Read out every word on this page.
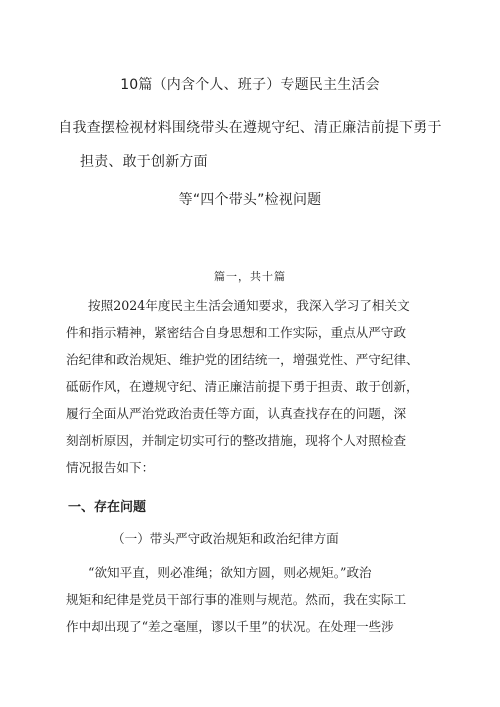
10篇（内含个人、班子）专题民主生活会
自我查摆检视材料围绕带头在遵规守纪、清正廉洁前提下勇于
担责、敢于创新方面
等“四个带头”检视问题
篇一，共十篇
按照2024年度民主生活会通知要求，我深入学习了相关文
件和指示精神，紧密结合自身思想和工作实际，重点从严守政
治纪律和政治规矩、维护党的团结统一，增强党性、严守纪律、
砥砺作风，在遵规守纪、清正廉洁前提下勇于担责、敢于创新，
履行全面从严治党政治责任等方面，认真查找存在的问题，深
刻剖析原因，并制定切实可行的整改措施，现将个人对照检查
情况报告如下：
一、存在问题
（一）带头严守政治规矩和政治纪律方面
“欲知平直，则必准绳；欲知方圆，则必规矩。”政治
规矩和纪律是党员干部行事的准则与规范。然而，我在实际工
作中却出现了“差之毫厘，谬以千里”的状况。在处理一些涉
